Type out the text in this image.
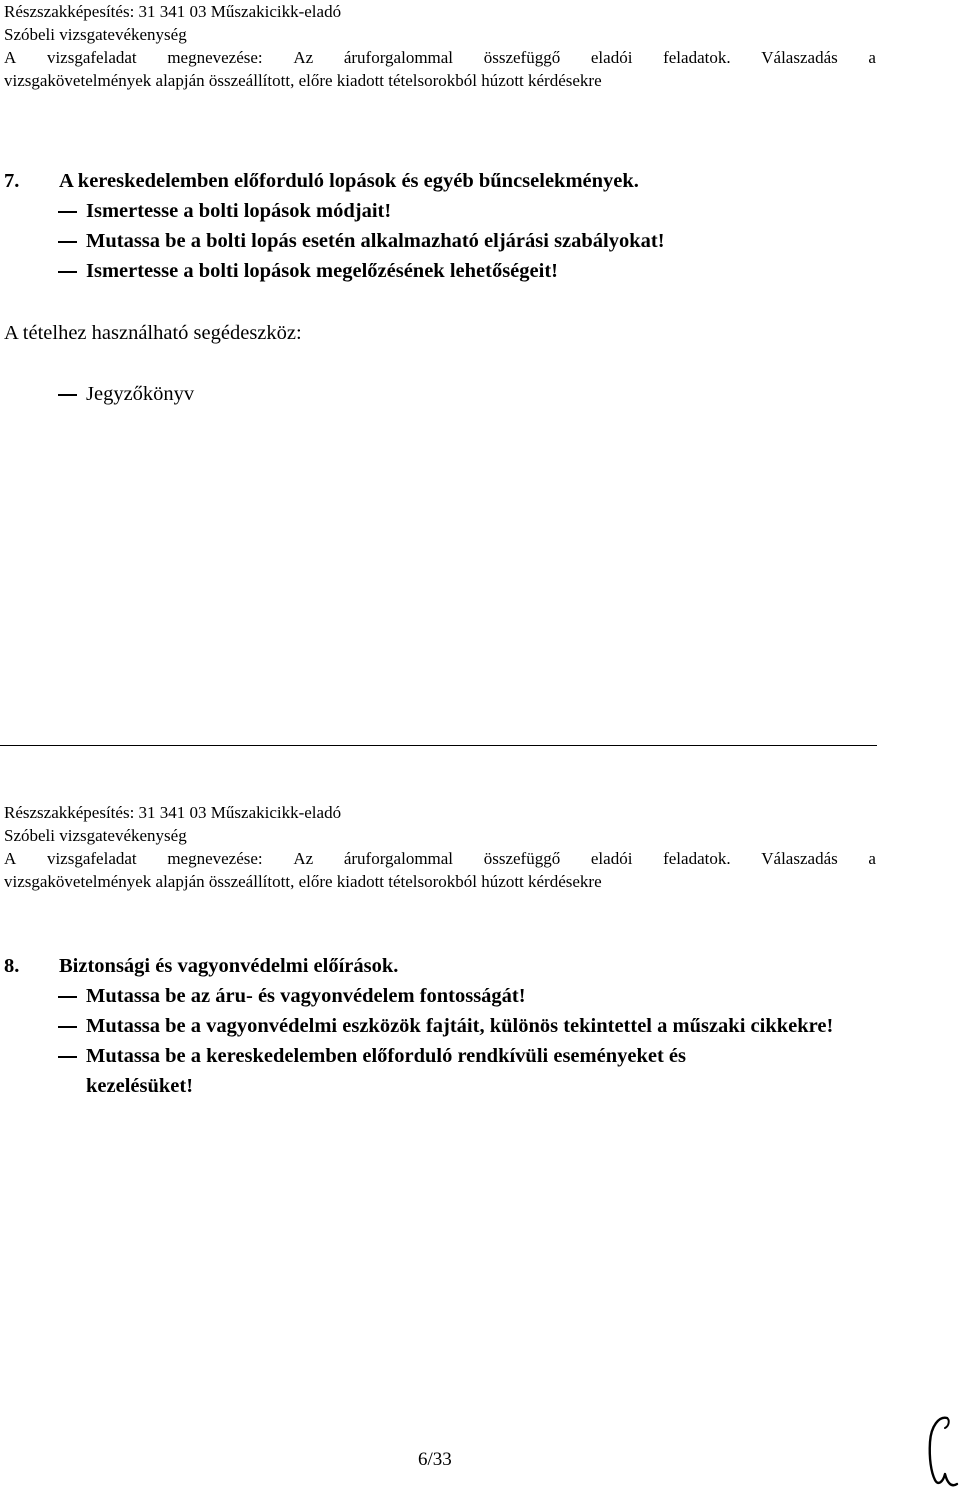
Részszakképesítés: 31 341 03 Műszakicikk-eladó
Szóbeli vizsgatevékenység
A vizsgafeladat megnevezése: Az áruforgalommal összefüggő eladói feladatok. Válaszadás a
vizsgakövetelmények alapján összeállított, előre kiadott tételsorokból húzott kérdésekre
7.	A kereskedelemben előforduló lopások és egyéb bűncselekmények.
Ismertesse a bolti lopások módjait!
Mutassa be a bolti lopás esetén alkalmazható eljárási szabályokat!
Ismertesse a bolti lopások megelőzésének lehetőségeit!
A tételhez használható segédeszköz:
Jegyzőkönyv
Részszakképesítés: 31 341 03 Műszakicikk-eladó
Szóbeli vizsgatevékenység
A vizsgafeladat megnevezése: Az áruforgalommal összefüggő eladói feladatok. Válaszadás a
vizsgakövetelmények alapján összeállított, előre kiadott tételsorokból húzott kérdésekre
8.	Biztonsági és vagyonvédelmi előírások.
Mutassa be az áru- és vagyonvédelem fontosságát!
Mutassa be a vagyonvédelmi eszközök fajtáit, különös tekintettel a műszaki cikkekre!
Mutassa be a kereskedelemben előforduló rendkívüli eseményeket és kezelésüket!
6/33
